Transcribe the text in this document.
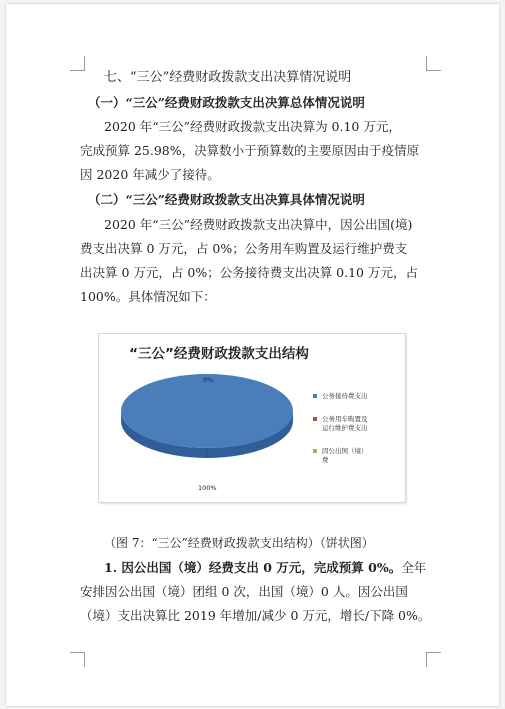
七、“三公”经费财政拨款支出决算情况说明
（一）“三公”经费财政拨款支出决算总体情况说明
2020 年“三公”经费财政拨款支出决算为 0.10 万元，
完成预算 25.98%，决算数小于预算数的主要原因由于疫情原
因 2020 年减少了接待。
（二）“三公”经费财政拨款支出决算具体情况说明
2020 年“三公”经费财政拨款支出决算中，因公出国(境)
费支出决算 0 万元，占 0%；公务用车购置及运行维护费支
出决算 0 万元，占 0%；公务接待费支出决算 0.10 万元，占
100%。具体情况如下：
“三公”经费财政拨款支出结构
0%
100%
公务接待费支出
公务用车购置及
运行维护费支出
因公出国（境）
费
（图 7：“三公”经费财政拨款支出结构）（饼状图）
1. 因公出国（境）经费支出 0 万元，完成预算 0%。全年
安排因公出国（境）团组 0 次，出国（境）0 人。因公出国
（境）支出决算比 2019 年增加/减少 0 万元，增长/下降 0%。
